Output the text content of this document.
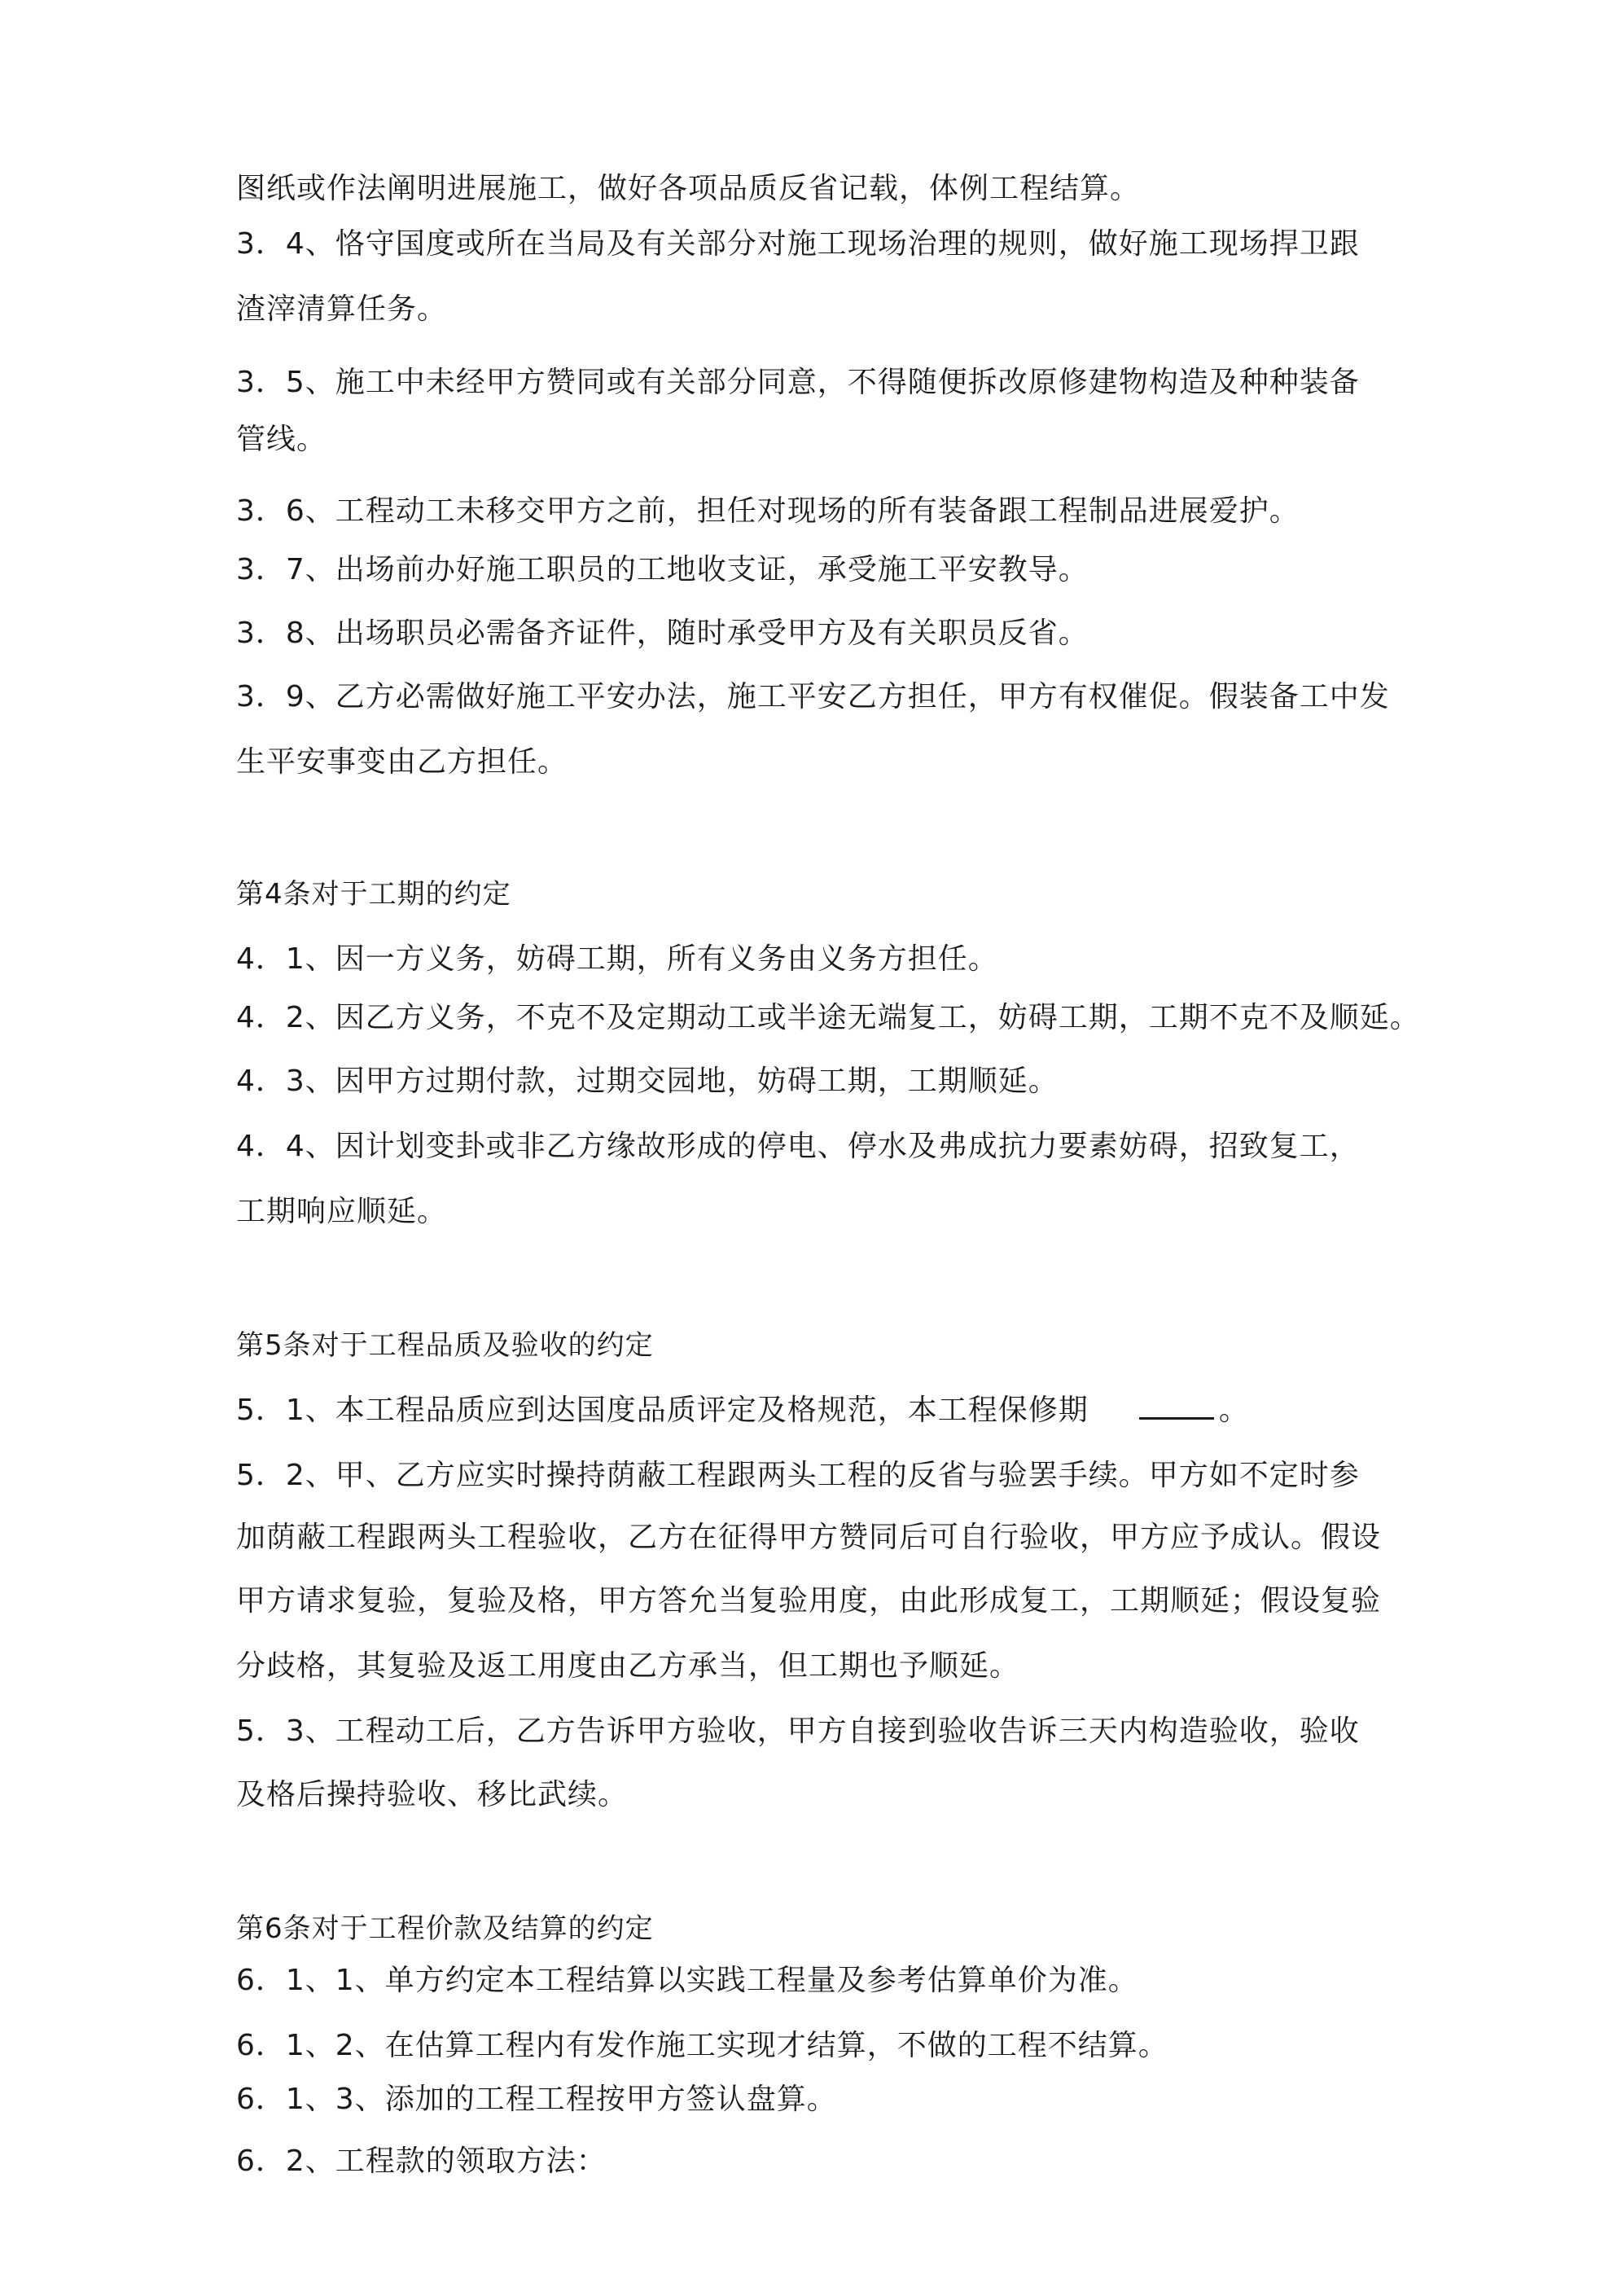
图纸或作法阐明进展施工，做好各项品质反省记载，体例工程结算。
3．4、恪守国度或所在当局及有关部分对施工现场治理的规则，做好施工现场捍卫跟
渣滓清算任务。
3．5、施工中未经甲方赞同或有关部分同意，不得随便拆改原修建物构造及种种装备
管线。
3．6、工程动工未移交甲方之前，担任对现场的所有装备跟工程制品进展爱护。
3．7、出场前办好施工职员的工地收支证，承受施工平安教导。
3．8、出场职员必需备齐证件，随时承受甲方及有关职员反省。
3．9、乙方必需做好施工平安办法，施工平安乙方担任，甲方有权催促。假装备工中发
生平安事变由乙方担任。
第4条对于工期的约定
4．1、因一方义务，妨碍工期，所有义务由义务方担任。
4．2、因乙方义务，不克不及定期动工或半途无端复工，妨碍工期，工期不克不及顺延。
4．3、因甲方过期付款，过期交园地，妨碍工期，工期顺延。
4．4、因计划变卦或非乙方缘故形成的停电、停水及弗成抗力要素妨碍，招致复工，
工期响应顺延。
第5条对于工程品质及验收的约定
5．1、本工程品质应到达国度品质评定及格规范，本工程保修期	。
5．2、甲、乙方应实时操持荫蔽工程跟两头工程的反省与验罢手续。甲方如不定时参
加荫蔽工程跟两头工程验收，乙方在征得甲方赞同后可自行验收，甲方应予成认。假设
甲方请求复验，复验及格，甲方答允当复验用度，由此形成复工，工期顺延；假设复验
分歧格，其复验及返工用度由乙方承当，但工期也予顺延。
5．3、工程动工后，乙方告诉甲方验收，甲方自接到验收告诉三天内构造验收，验收
及格后操持验收、移比武续。
第6条对于工程价款及结算的约定
6．1、1、单方约定本工程结算以实践工程量及参考估算单价为准。
6．1、2、在估算工程内有发作施工实现才结算，不做的工程不结算。
6．1、3、添加的工程工程按甲方签认盘算。
6．2、工程款的领取方法：
